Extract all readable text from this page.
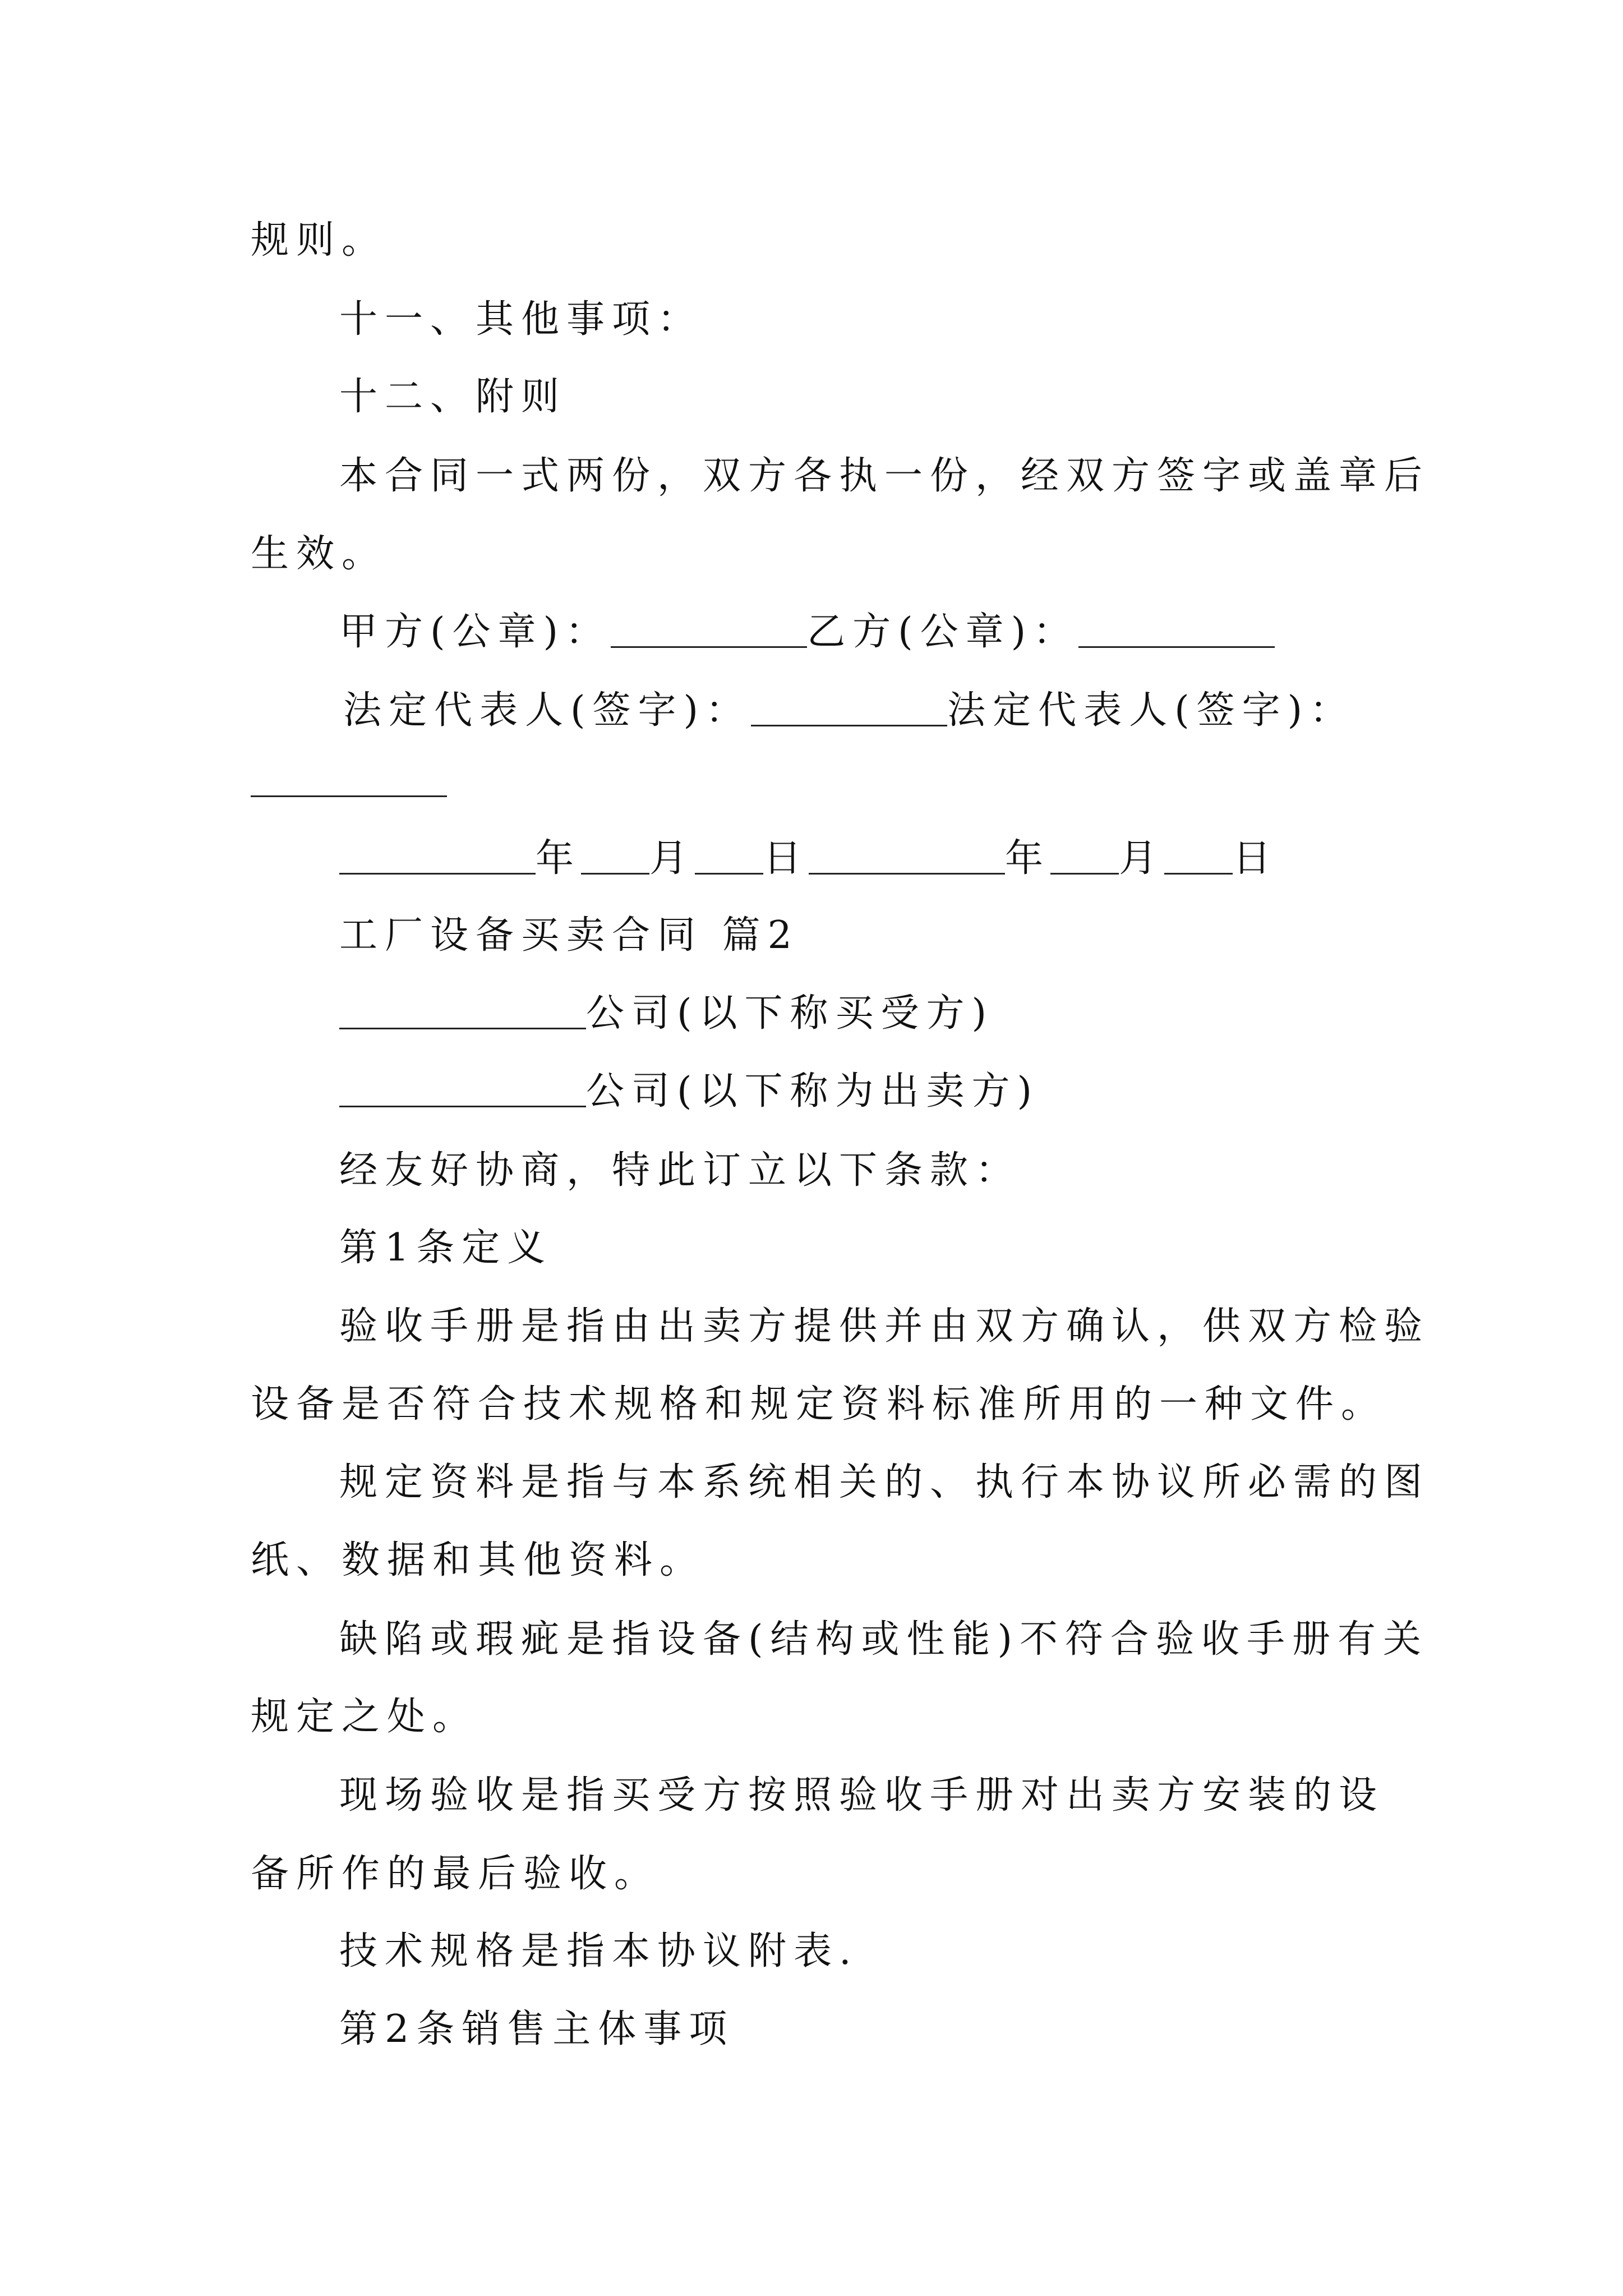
规则。
十一、其他事项：
十二、附则
本合同一式两份，双方各执一份，经双方签字或盖章后
生效。
甲方(公章)：	乙方(公章)：
法定代表人(签字)：	法定代表人(签字)：
年 月 日	年 月 日
工厂设备买卖合同 篇2
公司(以下称买受方)
公司(以下称为出卖方)
经友好协商，特此订立以下条款：
第1条定义
验收手册是指由出卖方提供并由双方确认，供双方检验
设备是否符合技术规格和规定资料标准所用的一种文件。
规定资料是指与本系统相关的、执行本协议所必需的图
纸、数据和其他资料。
缺陷或瑕疵是指设备(结构或性能)不符合验收手册有关
规定之处。
现场验收是指买受方按照验收手册对出卖方安装的设
备所作的最后验收。
技术规格是指本协议附表.
第2条销售主体事项
